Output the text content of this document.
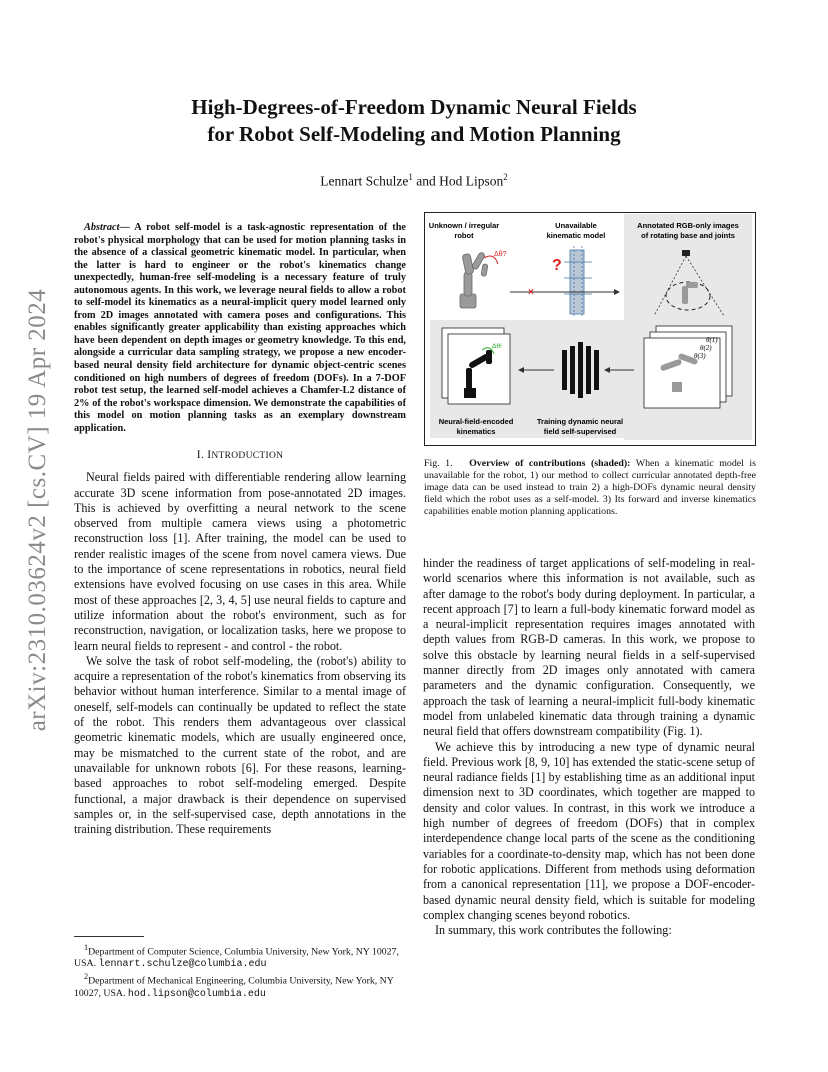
arXiv:2310.03624v2 [cs.CV] 19 Apr 2024
High-Degrees-of-Freedom Dynamic Neural Fields
for Robot Self-Modeling and Motion Planning
Lennart Schulze$^1$ and Hod Lipson$^2$

Abstract— A robot self-model is a task-agnostic representation of the robot's physical morphology that can be used for motion planning tasks in the absence of a classical geometric kinematic model. In particular, when the latter is hard to engineer or the robot's kinematics change unexpectedly, human-free self-modeling is a necessary feature of truly autonomous agents. In this work, we leverage neural fields to allow a robot to self-model its kinematics as a neural-implicit query model learned only from 2D images annotated with camera poses and configurations. This enables significantly greater applicability than existing approaches which have been dependent on depth images or geometry knowledge. To this end, alongside a curricular data sampling strategy, we propose a new encoder-based neural density field architecture for dynamic object-centric scenes conditioned on high numbers of degrees of freedom (DOFs). In a 7-DOF robot test setup, the learned self-model achieves a Chamfer-L2 distance of 2% of the robot's workspace dimension. We demonstrate the capabilities of this model on motion planning tasks as an exemplary downstream application.

I. INTRODUCTION

Neural fields paired with differentiable rendering allow learning accurate 3D scene information from pose-annotated 2D images. This is achieved by overfitting a neural network to the scene observed from multiple camera views using a photometric reconstruction loss [1]. After training, the model can be used to render realistic images of the scene from novel camera views. Due to the importance of scene representations in robotics, neural field extensions have evolved focusing on use cases in this area. While most of these approaches [2, 3, 4, 5] use neural fields to capture and utilize information about the robot's environment, such as for reconstruction, navigation, or localization tasks, here we propose to learn neural fields to represent - and control - the robot.

We solve the task of robot self-modeling, the (robot's) ability to acquire a representation of the robot's kinematics from observing its behavior without human interference. Similar to a mental image of oneself, self-models can continually be updated to reflect the state of the robot. This renders them advantageous over classical geometric kinematic models, which are usually engineered once, may be mismatched to the current state of the robot, and are unavailable for unknown robots [6]. For these reasons, learning-based approaches to robot self-modeling emerged. Despite functional, a major drawback is their dependence on supervised samples or, in the self-supervised case, depth annotations in the training distribution. These requirements

$^1$Department of Computer Science, Columbia University, New York, NY 10027, USA. lennart.schulze@columbia.edu

$^2$Department of Mechanical Engineering, Columbia University, New York, NY 10027, USA. hod.lipson@columbia.edu

Unknown / irregular
robot
Unavailable
kinematic model
Annotated RGB-only images
of rotating base and joints
Δθ?
?
×
θ(1)
θ(2)
θ(3)
Δθ!
Neural-field-encoded
kinematics
Training dynamic neural
field self-supervised

Fig. 1. Overview of contributions (shaded): When a kinematic model is unavailable for the robot, 1) our method to collect curricular annotated depth-free image data can be used instead to train 2) a high-DOFs dynamic neural density field which the robot uses as a self-model. 3) Its forward and inverse kinematics capabilities enable motion planning applications.

hinder the readiness of target applications of self-modeling in real-world scenarios where this information is not available, such as after damage to the robot's body during deployment. In particular, a recent approach [7] to learn a full-body kinematic forward model as a neural-implicit representation requires images annotated with depth values from RGB-D cameras. In this work, we propose to solve this obstacle by learning neural fields in a self-supervised manner directly from 2D images only annotated with camera parameters and the dynamic configuration. Consequently, we approach the task of learning a neural-implicit full-body kinematic model from unlabeled kinematic data through training a dynamic neural field that offers downstream compatibility (Fig. 1).

We achieve this by introducing a new type of dynamic neural field. Previous work [8, 9, 10] has extended the static-scene setup of neural radiance fields [1] by establishing time as an additional input dimension next to 3D coordinates, which together are mapped to density and color values. In contrast, in this work we introduce a high number of degrees of freedom (DOFs) that in complex interdependence change local parts of the scene as the conditioning variables for a coordinate-to-density map, which has not been done for robotic applications. Different from methods using deformation from a canonical representation [11], we propose a DOF-encoder-based dynamic neural density field, which is suitable for modeling complex changing scenes beyond robotics.

In summary, this work contributes the following:
